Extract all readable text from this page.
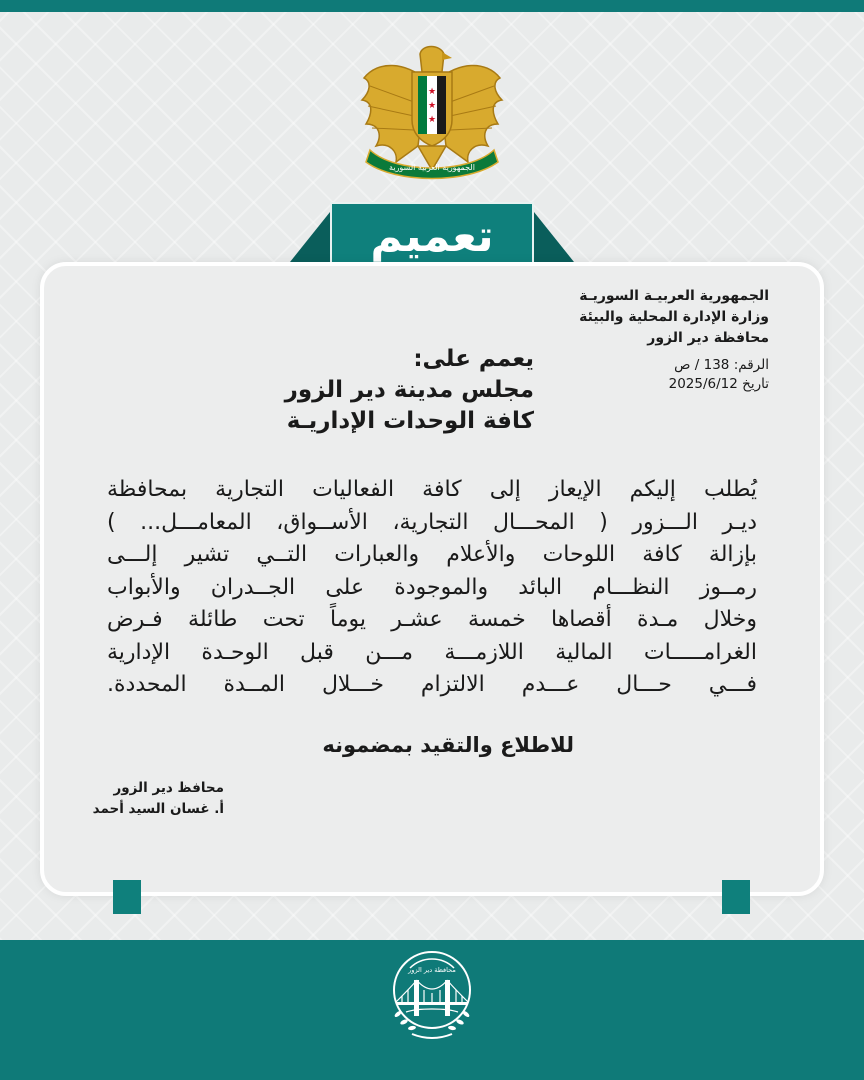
★
★
★
الجمهورية العربية السورية
تعميم
الجمهورية العربيـة السوريـة
وزارة الإدارة المحلية والبيئة
محافظة دير الزور
الرقم: 138 / ص
تاريخ 2025/6/12
يعمم على:
مجلس مدينة دير الزور
كافة الوحدات الإداريـة
يُطلب إليكم الإيعاز إلى كافة الفعاليات التجارية بمحافظة
ديـر الـــزور ( المحـــال التجارية، الأســواق، المعامـــل... )
بإزالة كافة اللوحات والأعلام والعبارات التــي تشير إلـــى
رمــوز النظـــام البائد والموجودة على الجــدران والأبواب
وخلال مـدة أقصاها خمسة عشـر يوماً تحت طائلة فـرض
الغرامـــــات المالية اللازمـــة مـــن قبل الوحـدة الإدارية
فـــي حـــال عـــدم الالتزام خـــلال المــدة المحددة.
للاطلاع والتقيد بمضمونه
محافظ دير الزور
أ. غسان السيد أحمد
محافظة دير الزور
